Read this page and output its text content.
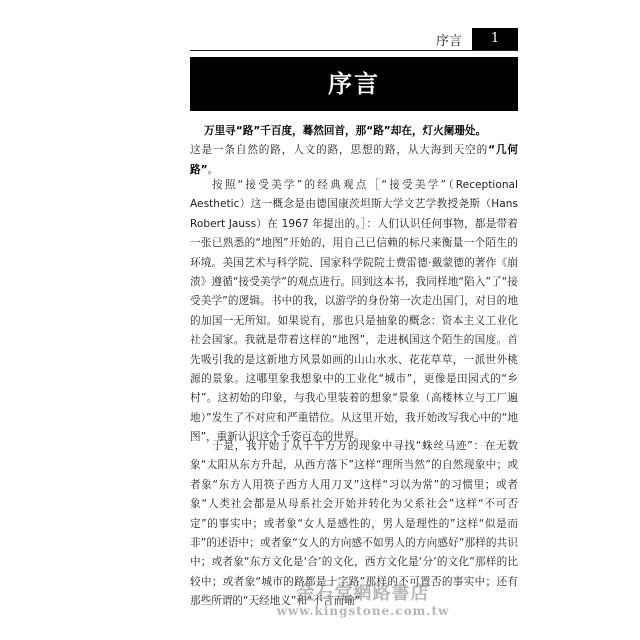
序言	1
序言

万里寻“路”千百度，蓦然回首，那“路”却在，灯火阑珊处。
这是一条自然的路，人文的路，思想的路，从大海到天空的“几何路”。

按照“接受美学”的经典观点［“接受美学”（Receptional Aesthetic）这一概念是由德国康茨坦斯大学文艺学教授尧斯（Hans Robert Jauss）在 1967 年提出的。］：人们认识任何事物，都是带着一张已熟悉的“地图”开始的，用自己已信赖的标尺来衡量一个陌生的环境。美国艺术与科学院、国家科学院院士费雷德·戴蒙德的著作《崩溃》遵循“接受美学”的观点进行。回到这本书，我同样地“陷入”了“接受美学”的逻辑。书中的我，以游学的身份第一次走出国门，对目的地的加国一无所知。如果说有，那也只是抽象的概念：资本主义工业化社会国家。我就是带着这样的“地图”，走进枫国这个陌生的国度。首先吸引我的是这新地方风景如画的山山水水、花花草草，一派世外桃源的景象。这哪里象我想象中的工业化“城市”，更像是田园式的“乡村”。这初始的印象，与我心里装着的想象“景象（高楼林立与工厂遍地）”发生了不对应和严重错位。从这里开始，我开始改写我心中的“地图”，重新认识这个千姿百态的世界。

于是，我开始了从千千万万的现象中寻找“蛛丝马迹”：在无数象“太阳从东方升起，从西方落下”这样“理所当然”的自然现象中；或者象“东方人用筷子西方人用刀叉”这样“习以为常”的习惯里；或者象“人类社会都是从母系社会开始并转化为父系社会”这样“不可否定”的事实中；或者象“女人是感性的，男人是理性的”这样“似是而非”的述语中；或者象“女人的方向感不如男人的方向感好”那样的共识中；或者象“东方文化是‘合’的文化，西方文化是‘分’的文化”那样的比较中；或者象“城市的路都是十字路”那样的不可置否的事实中；还有那些所谓的“天经地义”和“不言而喻”

金石堂網路書店
www.kingstone.com.tw
